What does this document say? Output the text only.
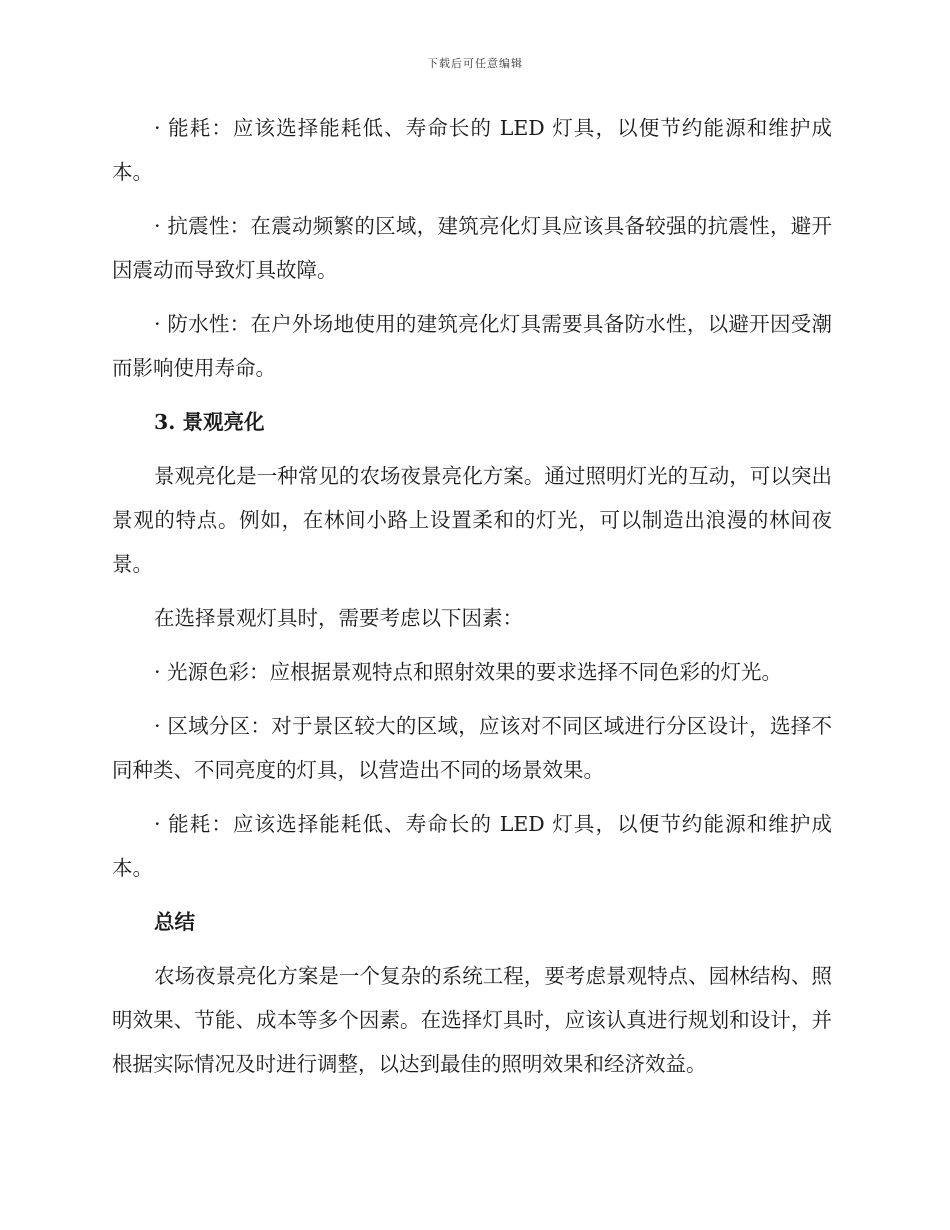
下载后可任意编辑

· 能耗：应该选择能耗低、寿命长的 LED 灯具，以便节约能源和维护成本。

· 抗震性：在震动频繁的区域，建筑亮化灯具应该具备较强的抗震性，避开因震动而导致灯具故障。

· 防水性：在户外场地使用的建筑亮化灯具需要具备防水性，以避开因受潮而影响使用寿命。

3. 景观亮化

景观亮化是一种常见的农场夜景亮化方案。通过照明灯光的互动，可以突出景观的特点。例如，在林间小路上设置柔和的灯光，可以制造出浪漫的林间夜景。

在选择景观灯具时，需要考虑以下因素：

· 光源色彩：应根据景观特点和照射效果的要求选择不同色彩的灯光。

· 区域分区：对于景区较大的区域，应该对不同区域进行分区设计，选择不同种类、不同亮度的灯具，以营造出不同的场景效果。

· 能耗：应该选择能耗低、寿命长的 LED 灯具，以便节约能源和维护成本。

总结

农场夜景亮化方案是一个复杂的系统工程，要考虑景观特点、园林结构、照明效果、节能、成本等多个因素。在选择灯具时，应该认真进行规划和设计，并根据实际情况及时进行调整，以达到最佳的照明效果和经济效益。
